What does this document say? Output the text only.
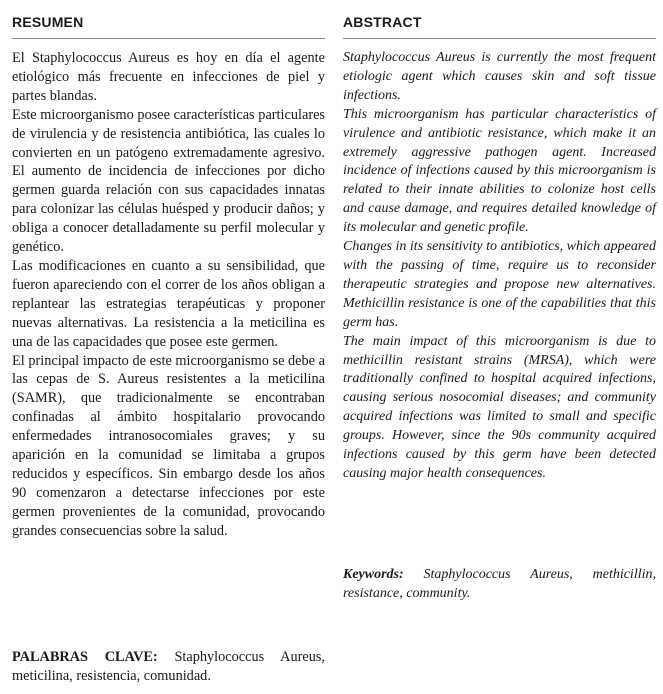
RESUMEN

El Staphylococcus Aureus es hoy en día el agente etiológico más frecuente en infecciones de piel y partes blandas.

Este microorganismo posee características particulares de virulencia y de resistencia antibiótica, las cuales lo convierten en un patógeno extremadamente agresivo. El aumento de incidencia de infecciones por dicho germen guarda relación con sus capacidades innatas para colonizar las células huésped y producir daños; y obliga a conocer detalladamente su perfil molecular y genético.

Las modificaciones en cuanto a su sensibilidad, que fueron apareciendo con el correr de los años obligan a replantear las estrategias terapéuticas y proponer nuevas alternativas. La resistencia a la meticilina es una de las capacidades que posee este germen.

El principal impacto de este microorganismo se debe a las cepas de S. Aureus resistentes a la meticilina (SAMR), que tradicionalmente se encontraban confinadas al ámbito hospitalario provocando enfermedades intranosocomiales graves; y su aparición en la comunidad se limitaba a grupos reducidos y específicos. Sin embargo desde los años 90 comenzaron a detectarse infecciones por este germen provenientes de la comunidad, provocando grandes consecuencias sobre la salud.

PALABRAS CLAVE: Staphylococcus Aureus, meticilina, resistencia, comunidad.
ABSTRACT

Staphylococcus Aureus is currently the most frequent etiologic agent which causes skin and soft tissue infections.

This microorganism has particular characteristics of virulence and antibiotic resistance, which make it an extremely aggressive pathogen agent. Increased incidence of infections caused by this microorganism is related to their innate abilities to colonize host cells and cause damage, and requires detailed knowledge of its molecular and genetic profile.

Changes in its sensitivity to antibiotics, which appeared with the passing of time, require us to reconsider therapeutic strategies and propose new alternatives. Methicillin resistance is one of the capabilities that this germ has.

The main impact of this microorganism is due to methicillin resistant strains (MRSA), which were traditionally confined to hospital acquired infections, causing serious nosocomial diseases; and community acquired infections was limited to small and specific groups. However, since the 90s community acquired infections caused by this germ have been detected causing major health consequences.

Keywords: Staphylococcus Aureus, methicillin, resistance, community.
